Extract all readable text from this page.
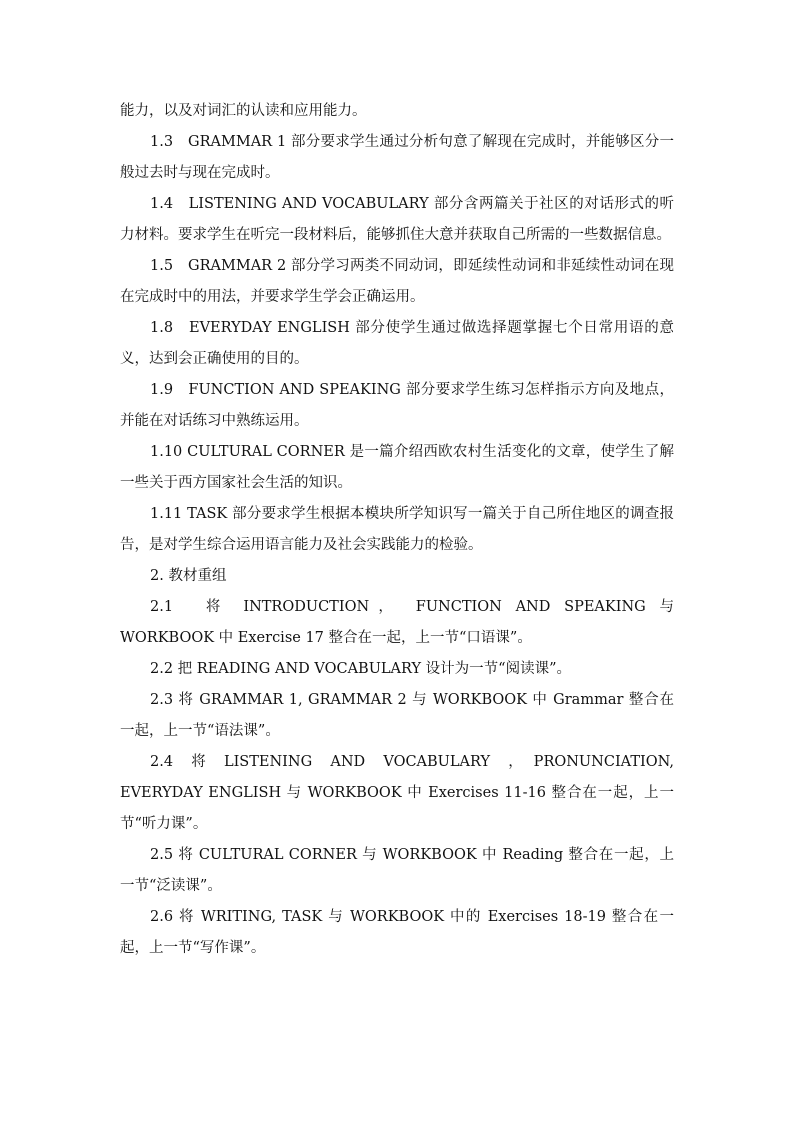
能力，以及对词汇的认读和应用能力。

1.3　GRAMMAR 1 部分要求学生通过分析句意了解现在完成时，并能够区分一般过去时与现在完成时。

1.4　LISTENING AND VOCABULARY 部分含两篇关于社区的对话形式的听力材料。要求学生在听完一段材料后，能够抓住大意并获取自己所需的一些数据信息。

1.5　GRAMMAR 2 部分学习两类不同动词，即延续性动词和非延续性动词在现在完成时中的用法，并要求学生学会正确运用。

1.8　EVERYDAY ENGLISH 部分使学生通过做选择题掌握七个日常用语的意义，达到会正确使用的目的。

1.9　FUNCTION AND SPEAKING 部分要求学生练习怎样指示方向及地点，并能在对话练习中熟练运用。

1.10 CULTURAL CORNER 是一篇介绍西欧农村生活变化的文章，使学生了解一些关于西方国家社会生活的知识。

1.11 TASK 部分要求学生根据本模块所学知识写一篇关于自己所住地区的调查报告，是对学生综合运用语言能力及社会实践能力的检验。

2. 教材重组

2.1　将 INTRODUCTION， FUNCTION AND SPEAKING 与 WORKBOOK 中 Exercise 17 整合在一起，上一节“口语课”。

2.2 把 READING AND VOCABULARY 设计为一节“阅读课”。

2.3 将 GRAMMAR 1, GRAMMAR 2 与 WORKBOOK 中 Grammar 整合在一起，上一节“语法课”。

2.4　将　LISTENING　AND　VOCABULARY　，　PRONUNCIATION, EVERYDAY ENGLISH 与 WORKBOOK 中 Exercises 11-16 整合在一起，上一节“听力课”。

2.5 将 CULTURAL CORNER 与 WORKBOOK 中 Reading 整合在一起，上一节“泛读课”。

2.6 将 WRITING, TASK 与 WORKBOOK 中的 Exercises 18-19 整合在一起，上一节“写作课”。
